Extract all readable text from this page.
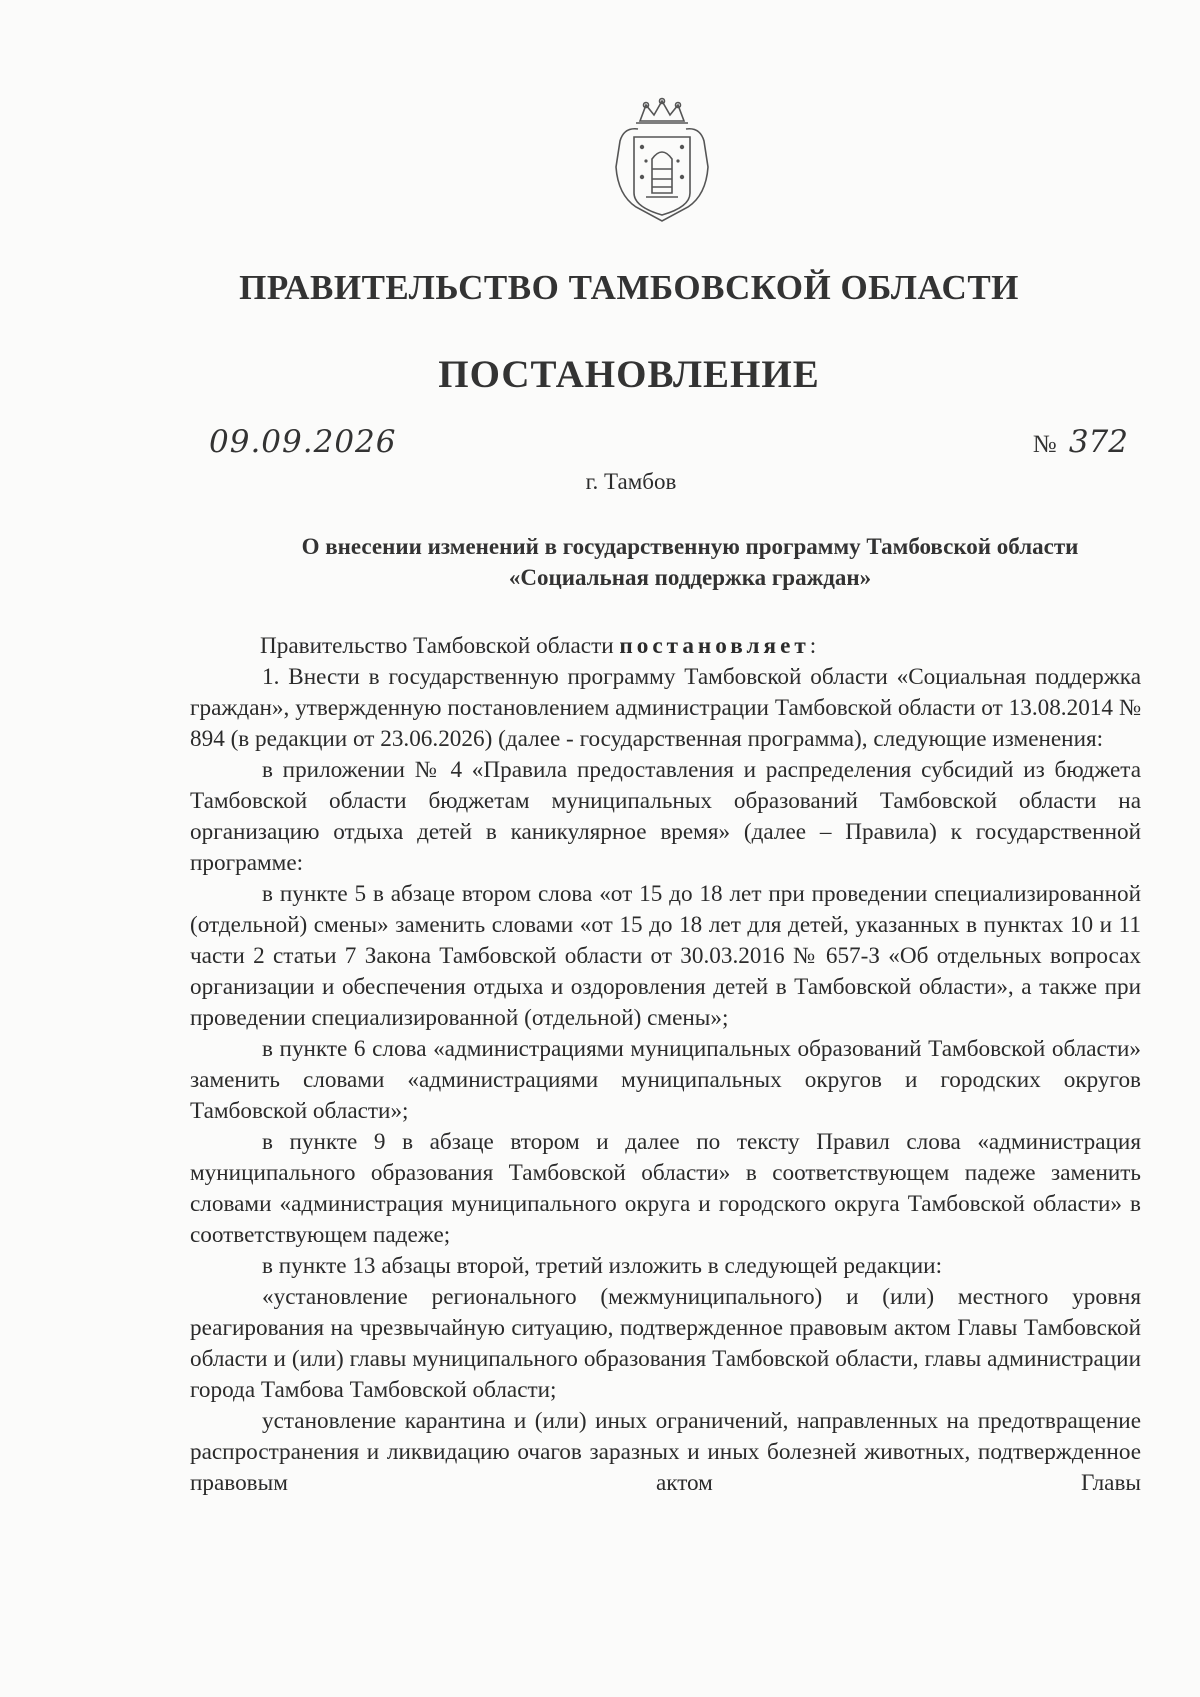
ПРАВИТЕЛЬСТВО ТАМБОВСКОЙ ОБЛАСТИ
ПОСТАНОВЛЕНИЕ
09.09.2026	№ 372
г. Тамбов
О внесении изменений в государственную программу Тамбовской области «Социальная поддержка граждан»

Правительство Тамбовской области постановляет:

1. Внести в государственную программу Тамбовской области «Социальная поддержка граждан», утвержденную постановлением администрации Тамбовской области от 13.08.2014 № 894 (в редакции от 23.06.2026) (далее - государственная программа), следующие изменения:

в приложении № 4 «Правила предоставления и распределения субсидий из бюджета Тамбовской области бюджетам муниципальных образований Тамбовской области на организацию отдыха детей в каникулярное время» (далее – Правила) к государственной программе:

в пункте 5 в абзаце втором слова «от 15 до 18 лет при проведении специализированной (отдельной) смены» заменить словами «от 15 до 18 лет для детей, указанных в пунктах 10 и 11 части 2 статьи 7 Закона Тамбовской области от 30.03.2016 № 657-З «Об отдельных вопросах организации и обеспечения отдыха и оздоровления детей в Тамбовской области», а также при проведении специализированной (отдельной) смены»;

в пункте 6 слова «администрациями муниципальных образований Тамбовской области» заменить словами «администрациями муниципальных округов и городских округов Тамбовской области»;

в пункте 9 в абзаце втором и далее по тексту Правил слова «администрация муниципального образования Тамбовской области» в соответствующем падеже заменить словами «администрация муниципального округа и городского округа Тамбовской области» в соответствующем падеже;

в пункте 13 абзацы второй, третий изложить в следующей редакции:

«установление регионального (межмуниципального) и (или) местного уровня реагирования на чрезвычайную ситуацию, подтвержденное правовым актом Главы Тамбовской области и (или) главы муниципального образования Тамбовской области, главы администрации города Тамбова Тамбовской области;

установление карантина и (или) иных ограничений, направленных на предотвращение распространения и ликвидацию очагов заразных и иных болезней животных, подтвержденное правовым актом Главы
